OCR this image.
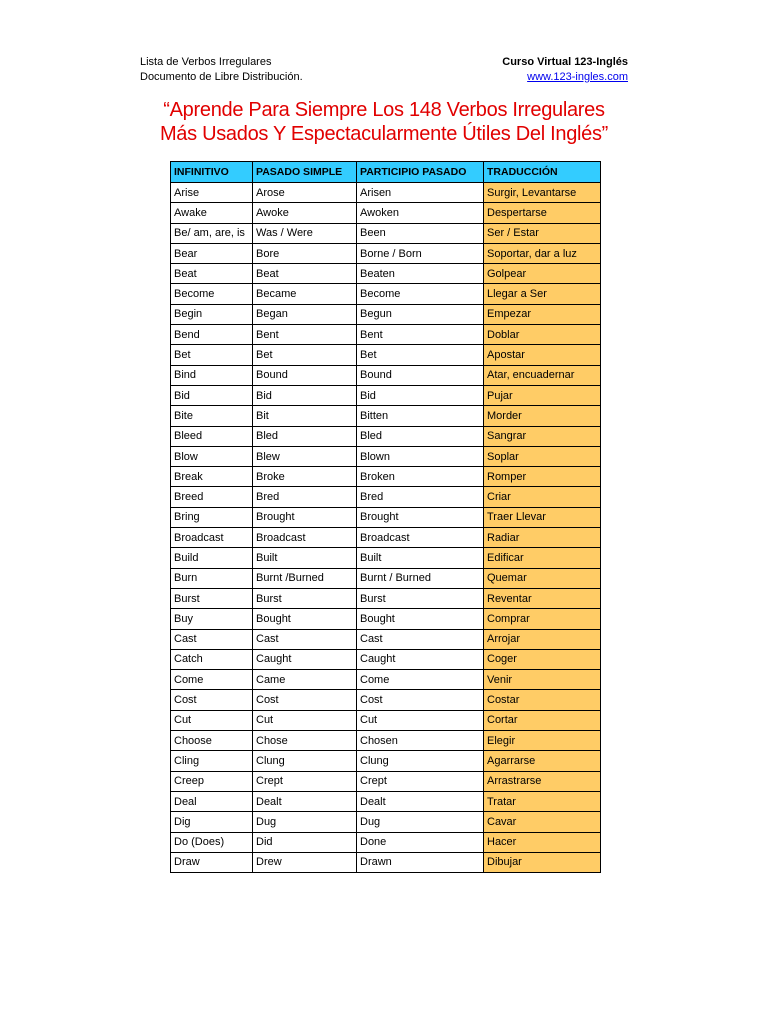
Lista de Verbos Irregulares
Documento de Libre Distribución.
Curso Virtual 123-Inglés
www.123-ingles.com
“Aprende Para Siempre Los 148 Verbos Irregulares
Más Usados Y Espectacularmente Útiles Del Inglés”
INFINITIVO	PASADO SIMPLE	PARTICIPIO PASADO	TRADUCCIÓN
Arise	Arose	Arisen	Surgir, Levantarse
Awake	Awoke	Awoken	Despertarse
Be/ am, are, is	Was / Were	Been	Ser / Estar
Bear	Bore	Borne / Born	Soportar, dar a luz
Beat	Beat	Beaten	Golpear
Become	Became	Become	Llegar a Ser
Begin	Began	Begun	Empezar
Bend	Bent	Bent	Doblar
Bet	Bet	Bet	Apostar
Bind	Bound	Bound	Atar, encuadernar
Bid	Bid	Bid	Pujar
Bite	Bit	Bitten	Morder
Bleed	Bled	Bled	Sangrar
Blow	Blew	Blown	Soplar
Break	Broke	Broken	Romper
Breed	Bred	Bred	Criar
Bring	Brought	Brought	Traer Llevar
Broadcast	Broadcast	Broadcast	Radiar
Build	Built	Built	Edificar
Burn	Burnt /Burned	Burnt / Burned	Quemar
Burst	Burst	Burst	Reventar
Buy	Bought	Bought	Comprar
Cast	Cast	Cast	Arrojar
Catch	Caught	Caught	Coger
Come	Came	Come	Venir
Cost	Cost	Cost	Costar
Cut	Cut	Cut	Cortar
Choose	Chose	Chosen	Elegir
Cling	Clung	Clung	Agarrarse
Creep	Crept	Crept	Arrastrarse
Deal	Dealt	Dealt	Tratar
Dig	Dug	Dug	Cavar
Do (Does)	Did	Done	Hacer
Draw	Drew	Drawn	Dibujar
